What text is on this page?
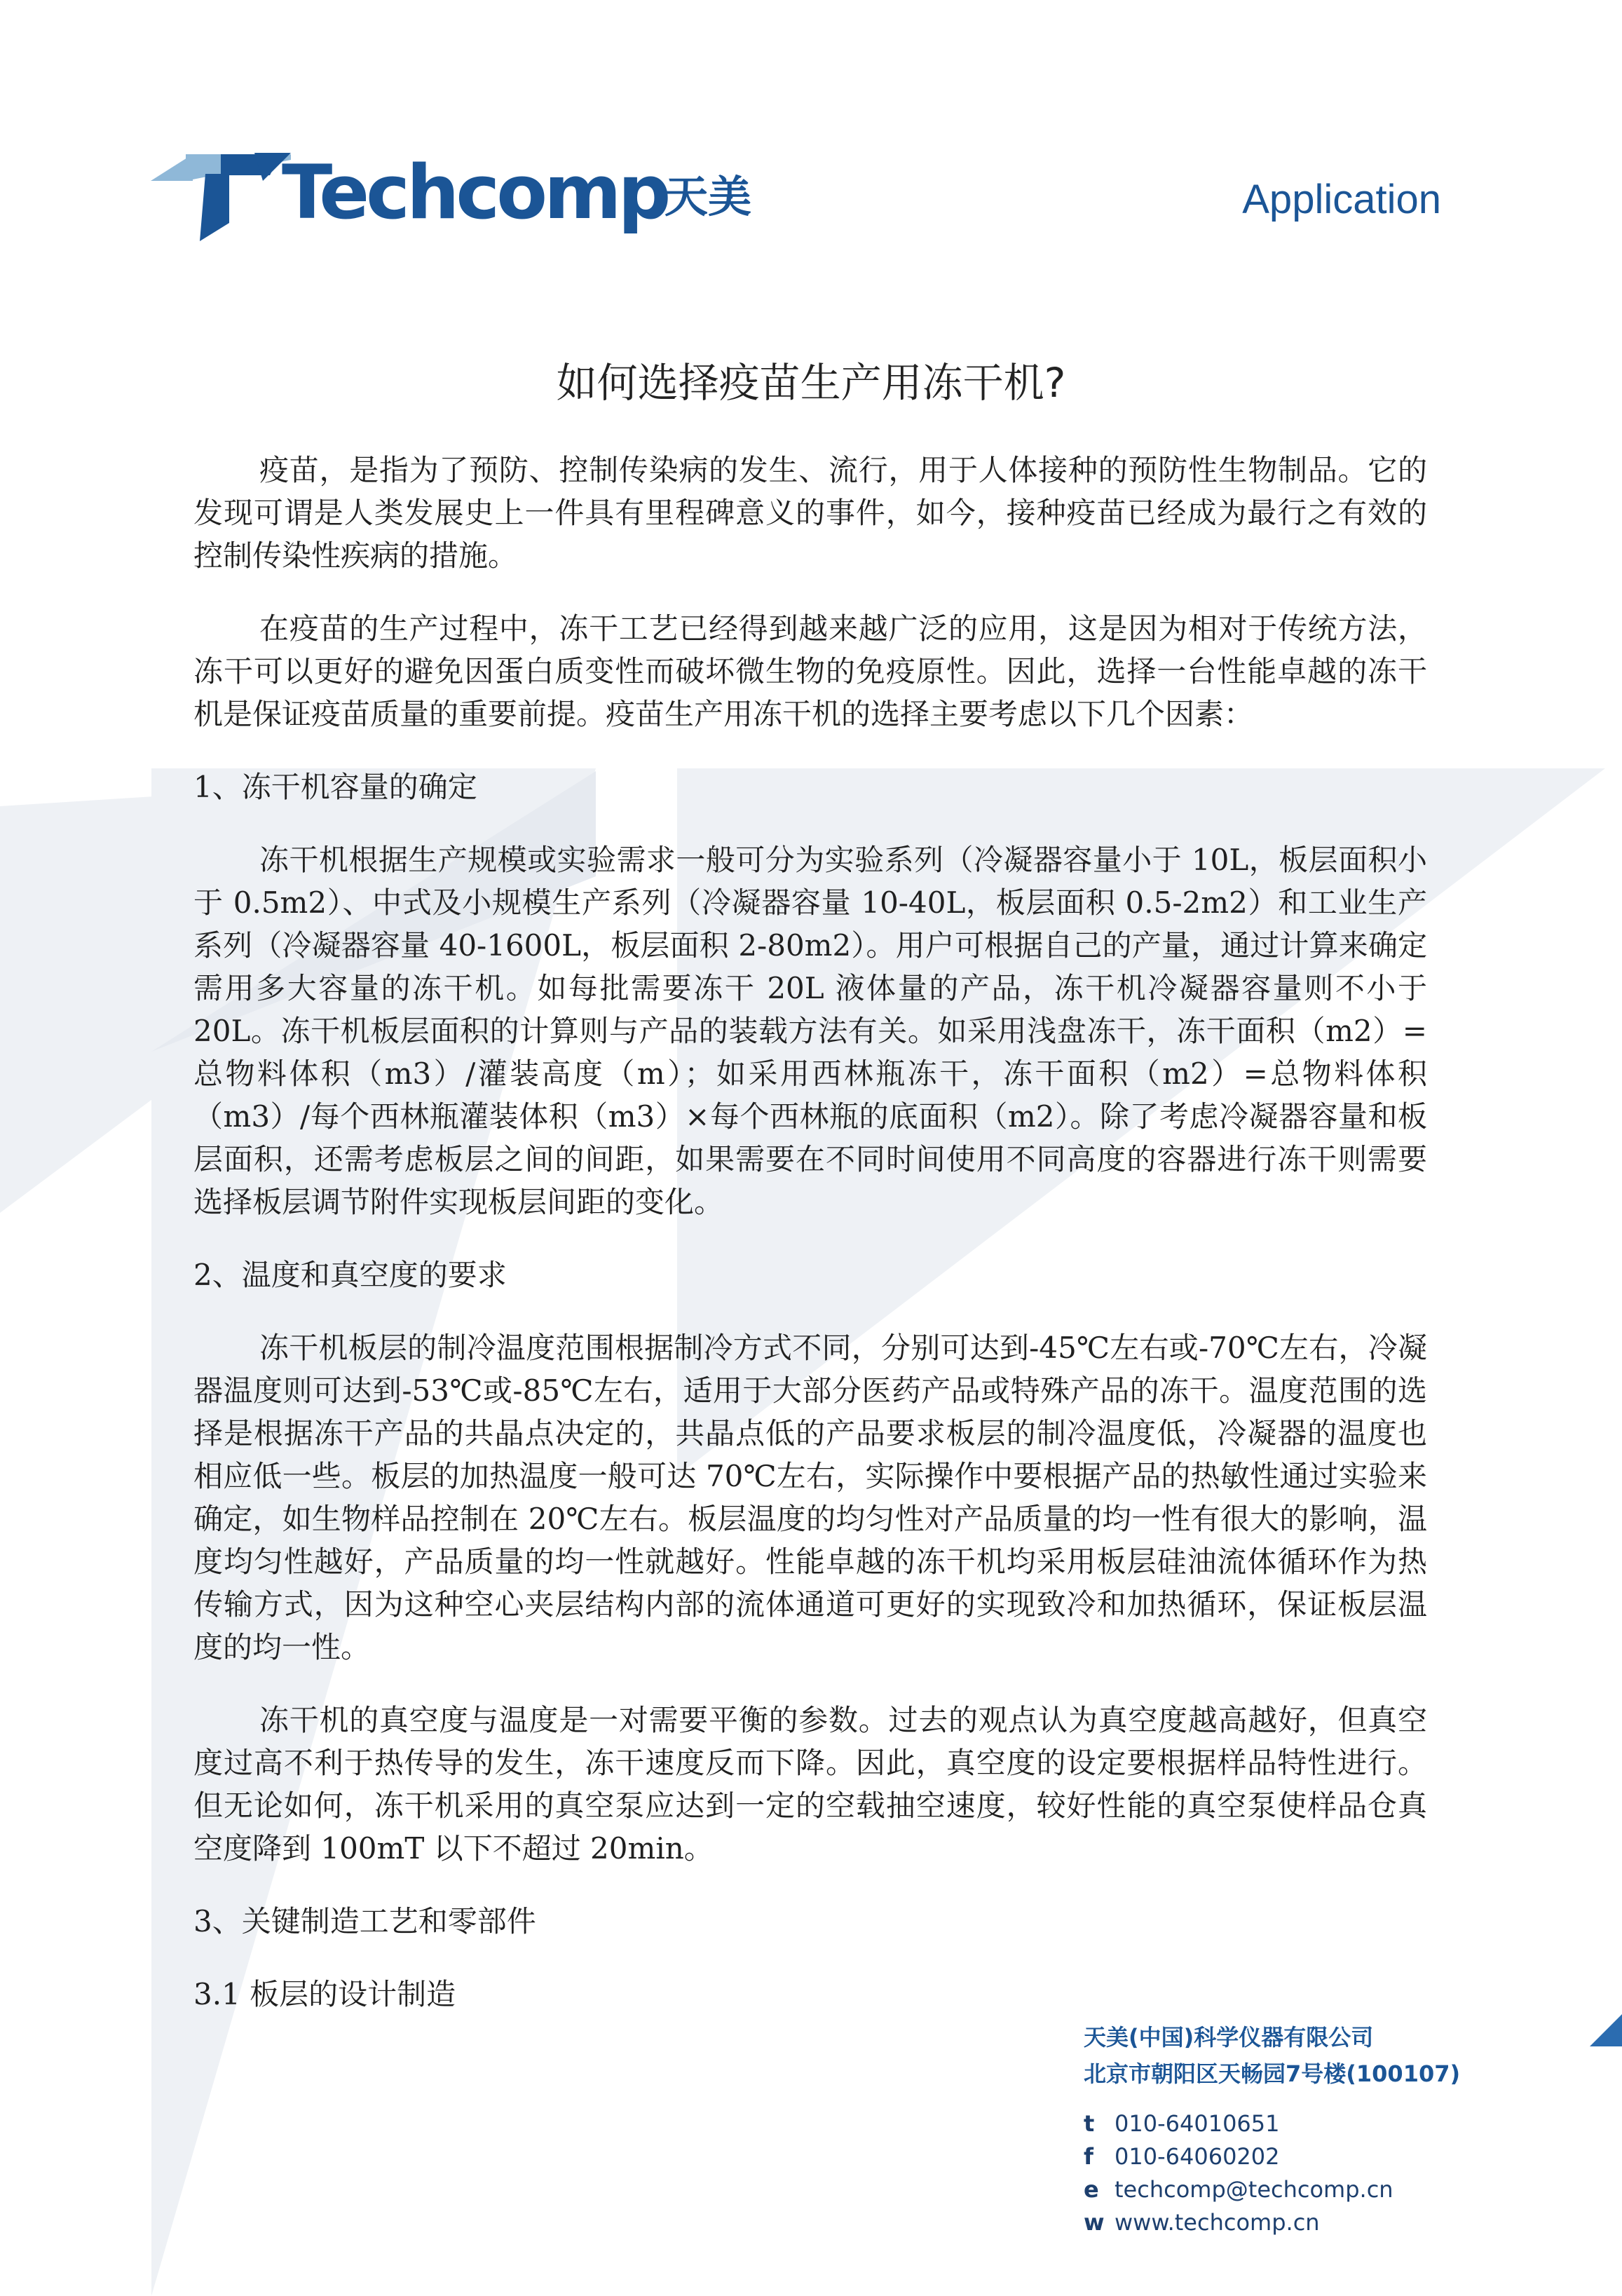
Techcomp
天美	Application
如何选择疫苗生产用冻干机?

疫苗，是指为了预防、控制传染病的发生、流行，用于人体接种的预防性生物制品。它的发现可谓是人类发展史上一件具有里程碑意义的事件，如今，接种疫苗已经成为最行之有效的控制传染性疾病的措施。

在疫苗的生产过程中，冻干工艺已经得到越来越广泛的应用，这是因为相对于传统方法，冻干可以更好的避免因蛋白质变性而破坏微生物的免疫原性。因此，选择一台性能卓越的冻干机是保证疫苗质量的重要前提。疫苗生产用冻干机的选择主要考虑以下几个因素：

1、冻干机容量的确定

冻干机根据生产规模或实验需求一般可分为实验系列（冷凝器容量小于 10L，板层面积小于 0.5m2）、中式及小规模生产系列（冷凝器容量 10-40L，板层面积 0.5-2m2）和工业生产系列（冷凝器容量 40-1600L，板层面积 2-80m2）。用户可根据自己的产量，通过计算来确定需用多大容量的冻干机。如每批需要冻干 20L 液体量的产品，冻干机冷凝器容量则不小于 20L。冻干机板层面积的计算则与产品的装载方法有关。如采用浅盘冻干，冻干面积（m2）=总物料体积（m3）/灌装高度（m）；如采用西林瓶冻干，冻干面积（m2）=总物料体积（m3）/每个西林瓶灌装体积（m3）×每个西林瓶的底面积（m2）。除了考虑冷凝器容量和板层面积，还需考虑板层之间的间距，如果需要在不同时间使用不同高度的容器进行冻干则需要选择板层调节附件实现板层间距的变化。

2、温度和真空度的要求

冻干机板层的制冷温度范围根据制冷方式不同，分别可达到-45℃左右或-70℃左右，冷凝器温度则可达到-53℃或-85℃左右，适用于大部分医药产品或特殊产品的冻干。温度范围的选择是根据冻干产品的共晶点决定的，共晶点低的产品要求板层的制冷温度低，冷凝器的温度也相应低一些。板层的加热温度一般可达 70℃左右，实际操作中要根据产品的热敏性通过实验来确定，如生物样品控制在 20℃左右。板层温度的均匀性对产品质量的均一性有很大的影响，温度均匀性越好，产品质量的均一性就越好。性能卓越的冻干机均采用板层硅油流体循环作为热传输方式，因为这种空心夹层结构内部的流体通道可更好的实现致冷和加热循环，保证板层温度的均一性。

冻干机的真空度与温度是一对需要平衡的参数。过去的观点认为真空度越高越好，但真空度过高不利于热传导的发生，冻干速度反而下降。因此，真空度的设定要根据样品特性进行。但无论如何，冻干机采用的真空泵应达到一定的空载抽空速度，较好性能的真空泵使样品仓真空度降到 100mT 以下不超过 20min。

3、关键制造工艺和零部件

3.1 板层的设计制造

天美(中国)科学仪器有限公司
北京市朝阳区天畅园7号楼(100107)
t 010-64010651
f 010-64060202
e techcomp@techcomp.cn
w www.techcomp.cn
